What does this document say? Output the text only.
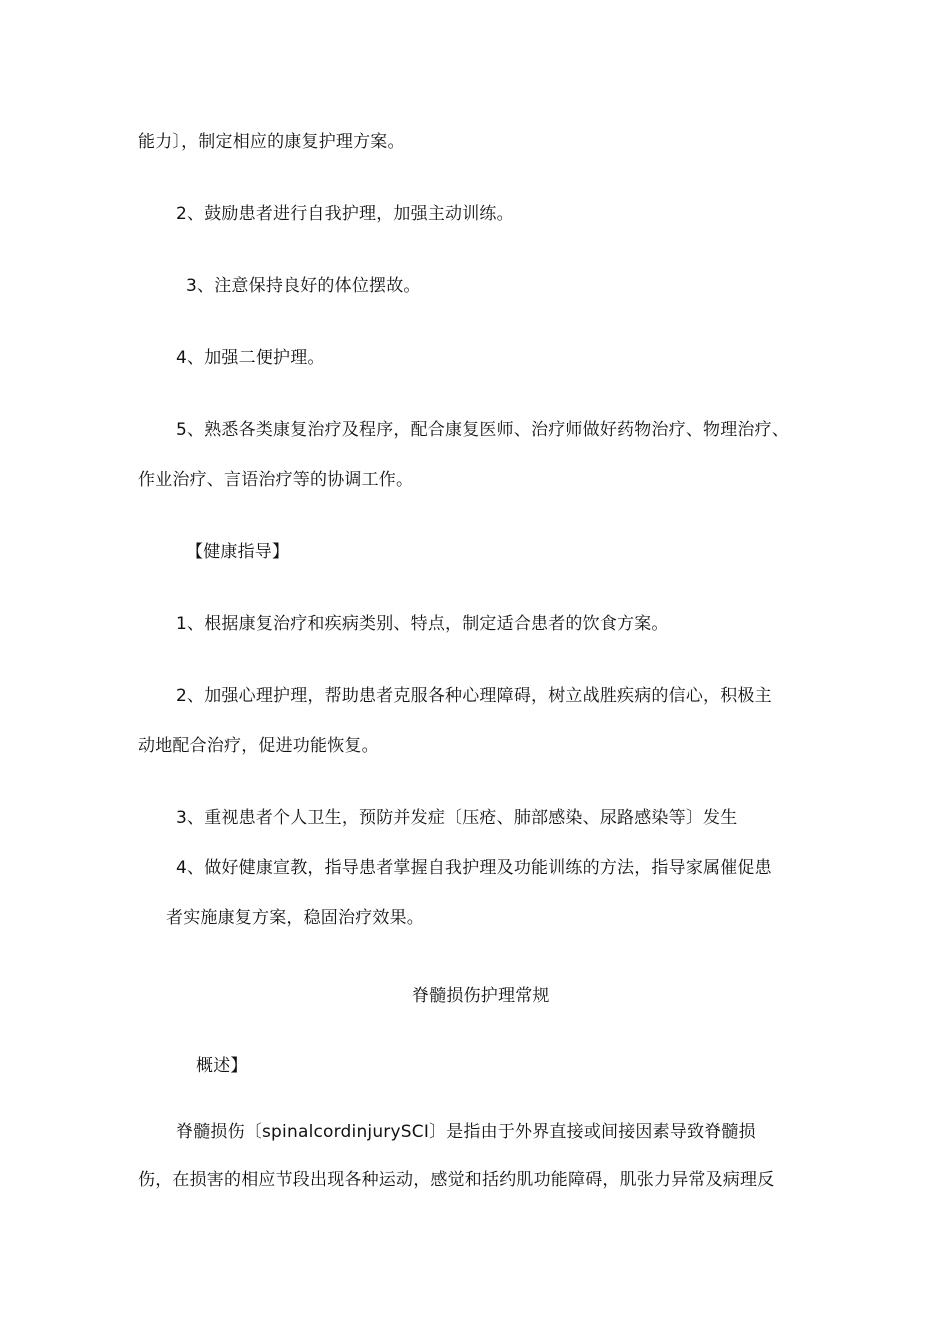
能力〕，制定相应的康复护理方案。
2、鼓励患者进行自我护理，加强主动训练。
3、注意保持良好的体位摆故。
4、加强二便护理。
5、熟悉各类康复治疗及程序，配合康复医师、治疗师做好药物治疗、物理治疗、
作业治疗、言语治疗等的协调工作。
【健康指导】
1、根据康复治疗和疾病类别、特点，制定适合患者的饮食方案。
2、加强心理护理，帮助患者克服各种心理障碍，树立战胜疾病的信心，积极主
动地配合治疗，促进功能恢复。
3、重视患者个人卫生，预防并发症〔压疮、肺部感染、尿路感染等〕发生
4、做好健康宣教，指导患者掌握自我护理及功能训练的方法，指导家属催促患
者实施康复方案，稳固治疗效果。
脊髓损伤护理常规
概述】
脊髓损伤〔spinalcordinjurySCI〕是指由于外界直接或间接因素导致脊髓损
伤，在损害的相应节段出现各种运动，感觉和括约肌功能障碍，肌张力异常及病理反
